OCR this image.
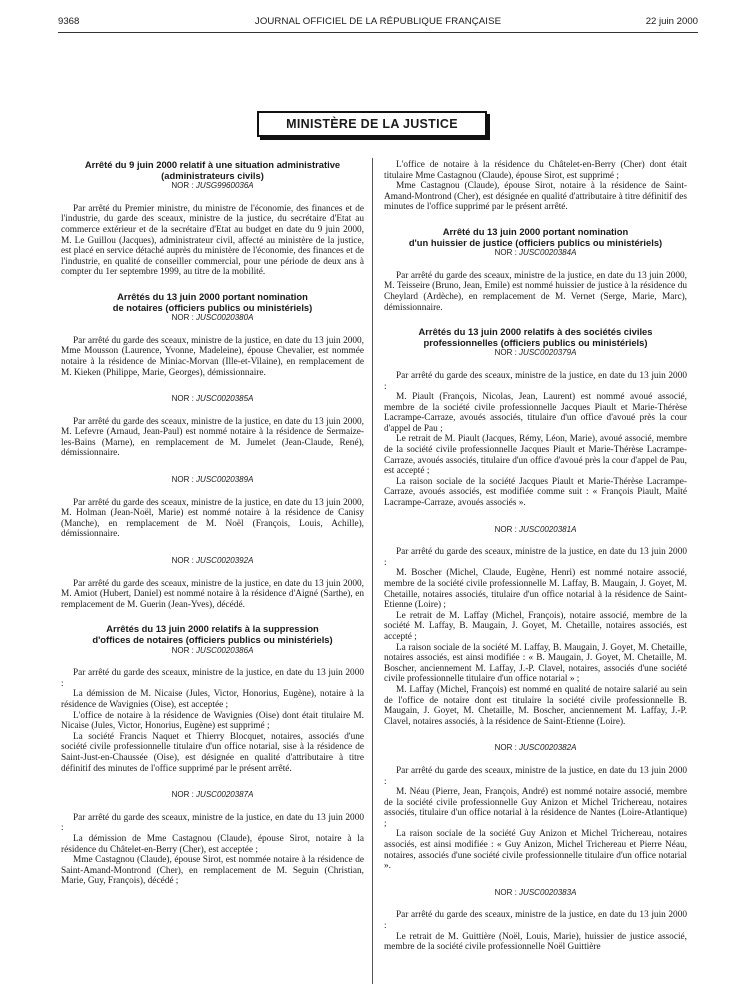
9368	JOURNAL OFFICIEL DE LA RÉPUBLIQUE FRANÇAISE	22 juin 2000
MINISTÈRE DE LA JUSTICE

Arrêté du 9 juin 2000 relatif à une situation administrative

(administrateurs civils)

NOR : JUSG9960036A

Par arrêté du Premier ministre, du ministre de l'économie, des finances et de l'industrie, du garde des sceaux, ministre de la justice, du secrétaire d'Etat au commerce extérieur et de la secrétaire d'Etat au budget en date du 9 juin 2000, M. Le Guillou (Jacques), administrateur civil, affecté au ministère de la justice, est placé en service détaché auprès du ministère de l'économie, des finances et de l'industrie, en qualité de conseiller commercial, pour une période de deux ans à compter du 1er septembre 1999, au titre de la mobilité.

Arrêtés du 13 juin 2000 portant nomination

de notaires (officiers publics ou ministériels)

NOR : JUSC0020380A

Par arrêté du garde des sceaux, ministre de la justice, en date du 13 juin 2000, Mme Mousson (Laurence, Yvonne, Madeleine), épouse Chevalier, est nommée notaire à la résidence de Miniac-Morvan (Ille-et-Vilaine), en remplacement de M. Kieken (Philippe, Marie, Georges), démissionnaire.

NOR : JUSC0020385A

Par arrêté du garde des sceaux, ministre de la justice, en date du 13 juin 2000, M. Lefevre (Arnaud, Jean-Paul) est nommé notaire à la résidence de Sermaize-les-Bains (Marne), en remplacement de M. Jumelet (Jean-Claude, René), démissionnaire.

NOR : JUSC0020389A

Par arrêté du garde des sceaux, ministre de la justice, en date du 13 juin 2000, M. Holman (Jean-Noël, Marie) est nommé notaire à la résidence de Canisy (Manche), en remplacement de M. Noël (François, Louis, Achille), démissionnaire.

NOR : JUSC0020392A

Par arrêté du garde des sceaux, ministre de la justice, en date du 13 juin 2000, M. Amiot (Hubert, Daniel) est nommé notaire à la résidence d'Aigné (Sarthe), en remplacement de M. Guerin (Jean-Yves), décédé.

Arrêtés du 13 juin 2000 relatifs à la suppression

d'offices de notaires (officiers publics ou ministériels)

NOR : JUSC0020386A

Par arrêté du garde des sceaux, ministre de la justice, en date du 13 juin 2000 :

La démission de M. Nicaise (Jules, Victor, Honorius, Eugène), notaire à la résidence de Wavignies (Oise), est acceptée ;

L'office de notaire à la résidence de Wavignies (Oise) dont était titulaire M. Nicaise (Jules, Victor, Honorius, Eugène) est supprimé ;

La société Francis Naquet et Thierry Blocquet, notaires, associés d'une société civile professionnelle titulaire d'un office notarial, sise à la résidence de Saint-Just-en-Chaussée (Oise), est désignée en qualité d'attributaire à titre définitif des minutes de l'office supprimé par le présent arrêté.

NOR : JUSC0020387A

Par arrêté du garde des sceaux, ministre de la justice, en date du 13 juin 2000 :

La démission de Mme Castagnou (Claude), épouse Sirot, notaire à la résidence du Châtelet-en-Berry (Cher), est acceptée ;

Mme Castagnou (Claude), épouse Sirot, est nommée notaire à la résidence de Saint-Amand-Montrond (Cher), en remplacement de M. Seguin (Christian, Marie, Guy, François), décédé ;

L'office de notaire à la résidence du Châtelet-en-Berry (Cher) dont était titulaire Mme Castagnou (Claude), épouse Sirot, est supprimé ;

Mme Castagnou (Claude), épouse Sirot, notaire à la résidence de Saint-Amand-Montrond (Cher), est désignée en qualité d'attributaire à titre définitif des minutes de l'office supprimé par le présent arrêté.

Arrêté du 13 juin 2000 portant nomination

d'un huissier de justice (officiers publics ou ministériels)

NOR : JUSC0020384A

Par arrêté du garde des sceaux, ministre de la justice, en date du 13 juin 2000, M. Teisseire (Bruno, Jean, Emile) est nommé huissier de justice à la résidence du Cheylard (Ardèche), en remplacement de M. Vernet (Serge, Marie, Marc), démissionnaire.

Arrêtés du 13 juin 2000 relatifs à des sociétés civiles

professionnelles (officiers publics ou ministériels)

NOR : JUSC0020379A

Par arrêté du garde des sceaux, ministre de la justice, en date du 13 juin 2000 :

M. Piault (François, Nicolas, Jean, Laurent) est nommé avoué associé, membre de la société civile professionnelle Jacques Piault et Marie-Thérèse Lacrampe-Carraze, avoués associés, titulaire d'un office d'avoué près la cour d'appel de Pau ;

Le retrait de M. Piault (Jacques, Rémy, Léon, Marie), avoué associé, membre de la société civile professionnelle Jacques Piault et Marie-Thérèse Lacrampe-Carraze, avoués associés, titulaire d'un office d'avoué près la cour d'appel de Pau, est accepté ;

La raison sociale de la société Jacques Piault et Marie-Thérèse Lacrampe-Carraze, avoués associés, est modifiée comme suit : « François Piault, Maïté Lacrampe-Carraze, avoués associés ».

NOR : JUSC0020381A

Par arrêté du garde des sceaux, ministre de la justice, en date du 13 juin 2000 :

M. Boscher (Michel, Claude, Eugène, Henri) est nommé notaire associé, membre de la société civile professionnelle M. Laffay, B. Maugain, J. Goyet, M. Chetaille, notaires associés, titulaire d'un office notarial à la résidence de Saint-Etienne (Loire) ;

Le retrait de M. Laffay (Michel, François), notaire associé, membre de la société M. Laffay, B. Maugain, J. Goyet, M. Chetaille, notaires associés, est accepté ;

La raison sociale de la société M. Laffay, B. Maugain, J. Goyet, M. Chetaille, notaires associés, est ainsi modifiée : « B. Maugain, J. Goyet, M. Chetaille, M. Boscher, anciennement M. Laffay, J.-P. Clavel, notaires, associés d'une société civile professionnelle titulaire d'un office notarial » ;

M. Laffay (Michel, François) est nommé en qualité de notaire salarié au sein de l'office de notaire dont est titulaire la société civile professionnelle B. Maugain, J. Goyet, M. Chetaille, M. Boscher, anciennement M. Laffay, J.-P. Clavel, notaires associés, à la résidence de Saint-Etienne (Loire).

NOR : JUSC0020382A

Par arrêté du garde des sceaux, ministre de la justice, en date du 13 juin 2000 :

M. Néau (Pierre, Jean, François, André) est nommé notaire associé, membre de la société civile professionnelle Guy Anizon et Michel Trichereau, notaires associés, titulaire d'un office notarial à la résidence de Nantes (Loire-Atlantique) ;

La raison sociale de la société Guy Anizon et Michel Trichereau, notaires associés, est ainsi modifiée : « Guy Anizon, Michel Trichereau et Pierre Néau, notaires, associés d'une société civile professionnelle titulaire d'un office notarial ».

NOR : JUSC0020383A

Par arrêté du garde des sceaux, ministre de la justice, en date du 13 juin 2000 :

Le retrait de M. Guittière (Noël, Louis, Marie), huissier de justice associé, membre de la société civile professionnelle Noël Guittière
